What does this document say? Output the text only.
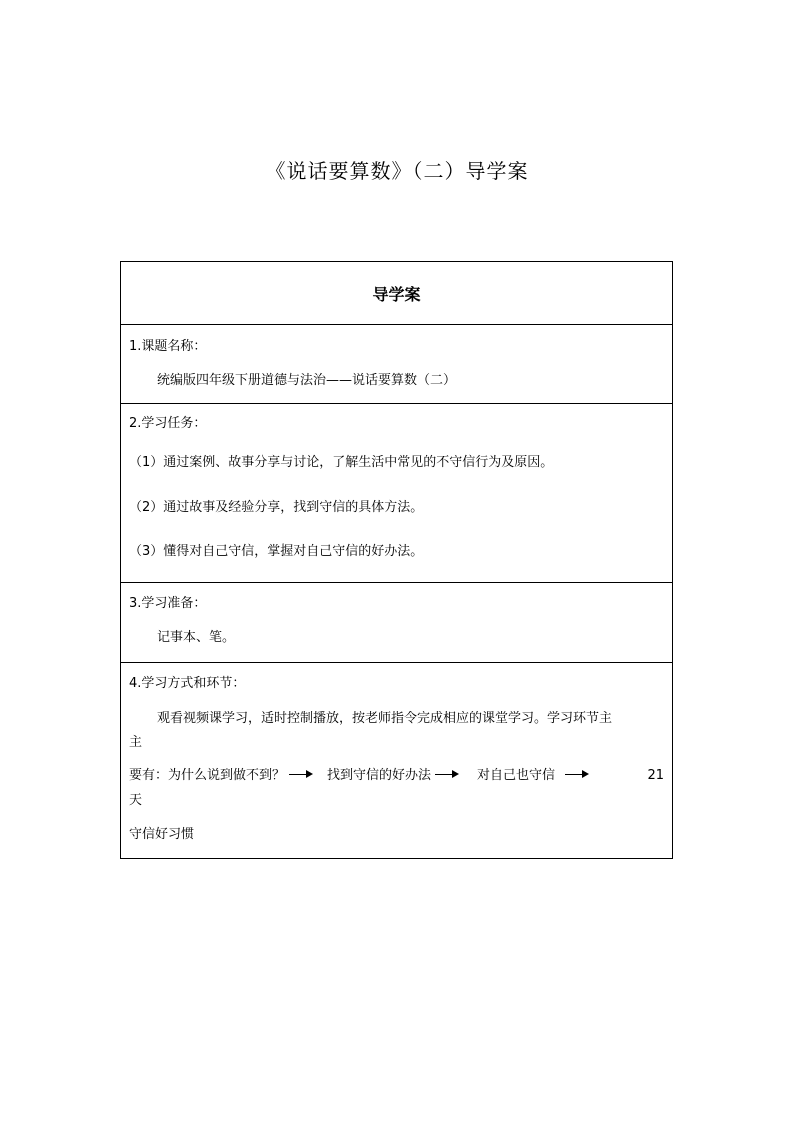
《说话要算数》（二）导学案
导学案
1.课题名称：
统编版四年级下册道德与法治——说话要算数（二）
2.学习任务：
（1）通过案例、故事分享与讨论，了解生活中常见的不守信行为及原因。
（2）通过故事及经验分享，找到守信的具体方法。
（3）懂得对自己守信，掌握对自己守信的好办法。
3.学习准备：
记事本、笔。
4.学习方式和环节：
观看视频课学习，适时控制播放，按老师指令完成相应的课堂学习。学习环节主
主
要有：为什么说到做不到？	找到守信的好办法	对自己也守信	21
天
守信好习惯
